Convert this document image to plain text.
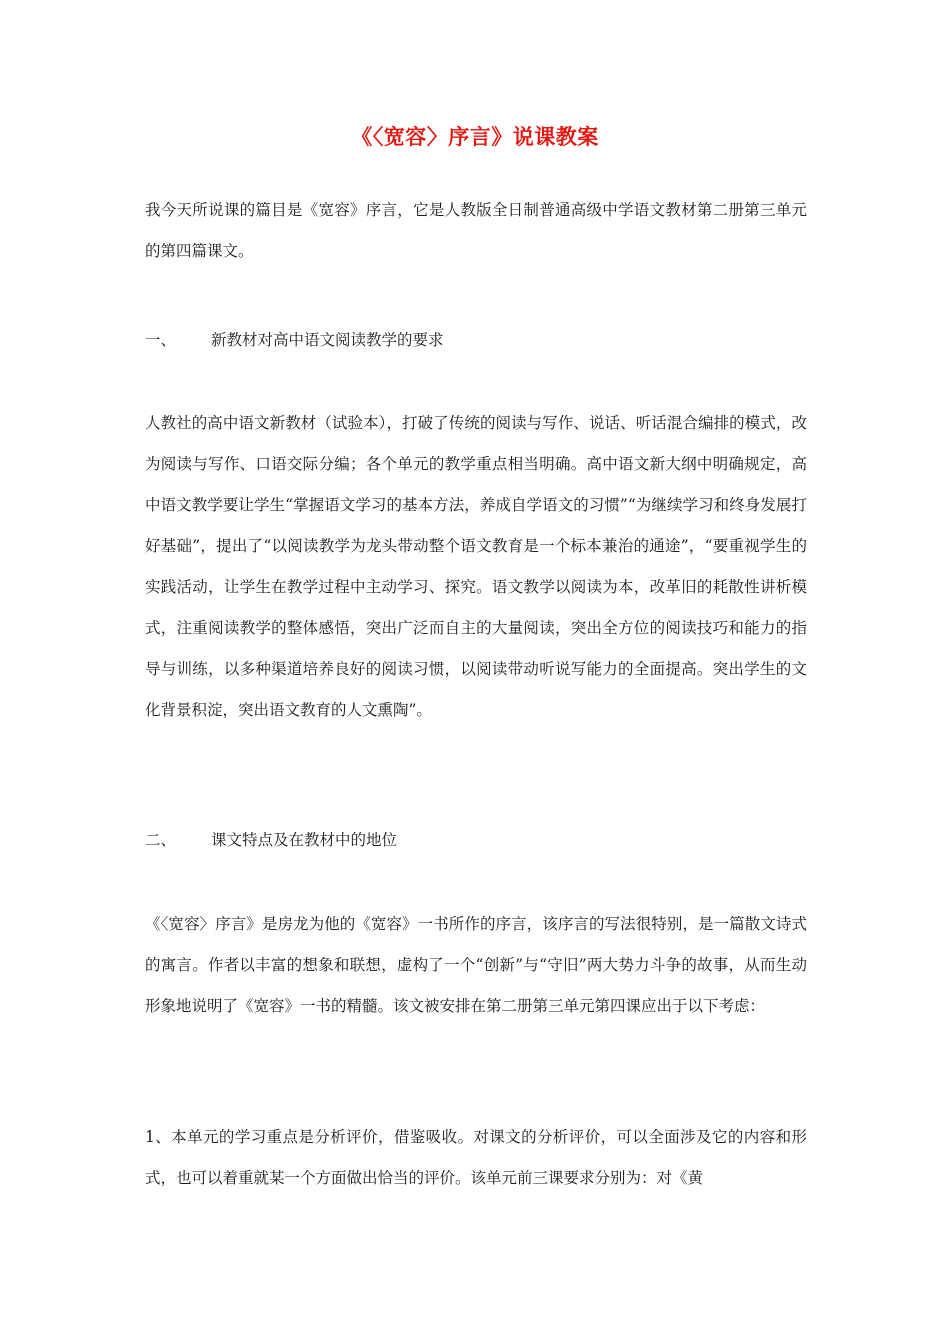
《〈宽容〉序言》说课教案
我今天所说课的篇目是《宽容》序言，它是人教版全日制普通高级中学语文教材第二册第三单元的第四篇课文。
一、 新教材对高中语文阅读教学的要求
人教社的高中语文新教材（试验本），打破了传统的阅读与写作、说话、听话混合编排的模式，改为阅读与写作、口语交际分编；各个单元的教学重点相当明确。高中语文新大纲中明确规定，高中语文教学要让学生“掌握语文学习的基本方法，养成自学语文的习惯”“为继续学习和终身发展打好基础”，提出了“以阅读教学为龙头带动整个语文教育是一个标本兼治的通途”，“要重视学生的实践活动，让学生在教学过程中主动学习、探究。语文教学以阅读为本，改革旧的耗散性讲析模式，注重阅读教学的整体感悟，突出广泛而自主的大量阅读，突出全方位的阅读技巧和能力的指导与训练，以多种渠道培养良好的阅读习惯，以阅读带动听说写能力的全面提高。突出学生的文化背景积淀，突出语文教育的人文熏陶”。
二、 课文特点及在教材中的地位
《〈宽容〉序言》是房龙为他的《宽容》一书所作的序言，该序言的写法很特别，是一篇散文诗式的寓言。作者以丰富的想象和联想，虚构了一个“创新”与“守旧”两大势力斗争的故事，从而生动形象地说明了《宽容》一书的精髓。该文被安排在第二册第三单元第四课应出于以下考虑：
1、本单元的学习重点是分析评价，借鉴吸收。对课文的分析评价，可以全面涉及它的内容和形式，也可以着重就某一个方面做出恰当的评价。该单元前三课要求分别为：对《黄
